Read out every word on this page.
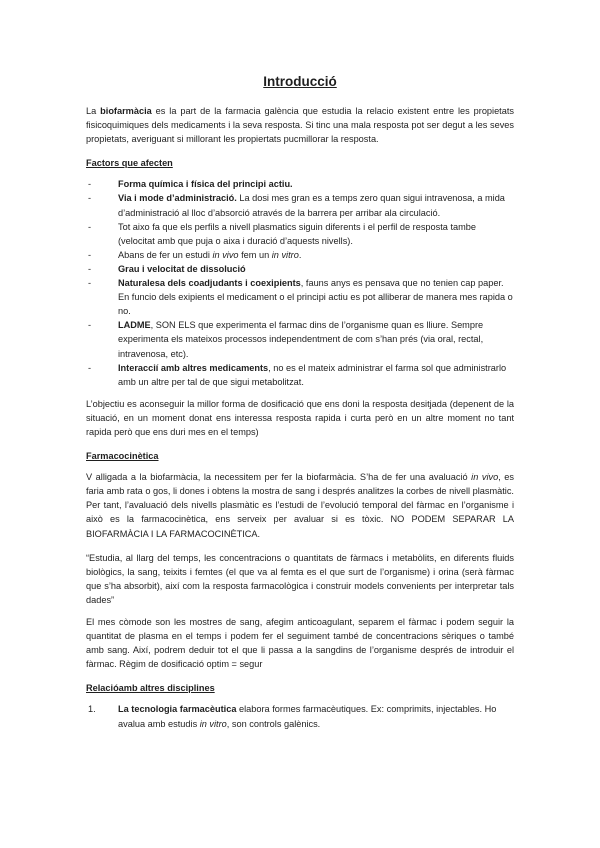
Introducció

La biofarmàcia es la part de la farmacia galència que estudia la relacio existent entre les propietats fisicoquimiques dels medicaments i la seva resposta. Si tinc una mala resposta pot ser degut a les seves propietats, averiguant si millorant les propiertats pucmillorar la resposta.

Factors que afecten
- Forma química i física del principi actiu.
- Via i mode d’administració. La dosi mes gran es a temps zero quan sigui intravenosa, a mida d’administració al lloc d’absorció através de la barrera per arribar ala circulació.
- Tot aixo fa que els perfils a nivell plasmatics siguin diferents i el perfil de resposta tambe (velocitat amb que puja o aixa i duració d’aquests nivells).
- Abans de fer un estudi in vivo fem un in vitro.
- Grau i velocitat de dissolució
- Naturalesa dels coadjudants i coexipients, fauns anys es pensava que no tenien cap paper. En funcio dels exipients el medicament o el principi actiu es pot alliberar de manera mes rapida o no.
- LADME, SON ELS que experimenta el farmac dins de l’organisme quan es lliure. Sempre experimenta els mateixos processos independentment de com s’han prés (via oral, rectal, intravenosa, etc).
- Interaccií amb altres medicaments, no es el mateix administrar el farma sol que administrarlo amb un altre per tal de que sigui metabolitzat.

L’objectiu es aconseguir la millor forma de dosificació que ens doni la resposta desitjada (depenent de la situació, en un moment donat ens interessa resposta rapida i curta però en un altre moment no tant rapida però que ens duri mes en el temps)

Farmacocinètica

V alligada a la biofarmàcia, la necessitem per fer la biofarmàcia. S’ha de fer una avaluació in vivo, es faria amb rata o gos, li dones i obtens la mostra de sang i després analitzes la corbes de nivell plasmàtic. Per tant, l’avaluació dels nivells plasmàtic es l’estudi de l’evolució temporal del fàrmac en l’organisme i això es la farmacocinètica, ens serveix per avaluar si es tòxic. NO PODEM SEPARAR LA BIOFARMÀCIA I LA FARMACOCINÈTICA.

“Estudia, al llarg del temps, les concentracions o quantitats de fàrmacs i metabòlits, en diferents fluids biològics, la sang, teixits i femtes (el que va al femta es el que surt de l’organisme) i orina (serà fàrmac que s’ha absorbit), així com la resposta farmacològica i construir models convenients per interpretar tals dades”

El mes còmode son les mostres de sang, afegim anticoagulant, separem el fàrmac i podem seguir la quantitat de plasma en el temps i podem fer el seguiment també de concentracions sèriques o també amb sang. Així, podrem deduir tot el que li passa a la sangdins de l’organisme després de introduir el fàrmac. Règim de dosificació optim = segur

Relacióamb altres disciplines
1. La tecnologia farmacèutica elabora formes farmacèutiques. Ex: comprimits, injectables. Ho avalua amb estudis in vitro, son controls galènics.
